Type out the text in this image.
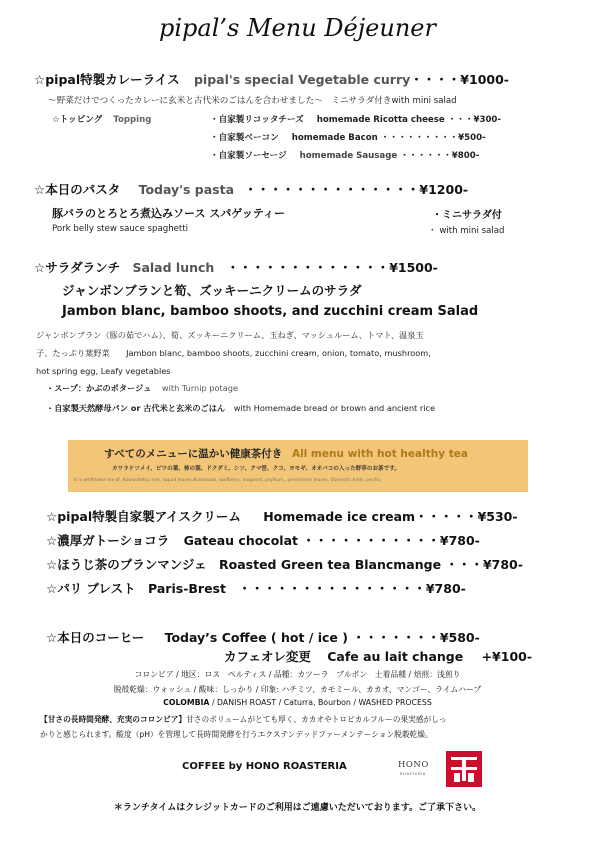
pipal’s Menu Déjeuner
☆pipal特製カレーライス pipal's special Vegetable curry・・・・¥1000-
〜野菜だけでつくったカレーに玄米と古代米のごはんを合わせました〜　ミニサラダ付きwith mini salad
☆トッピング Topping	・自家製リコッタチーズ homemade Ricotta cheese ・・・¥300-
・自家製ベーコン homemade Bacon ・・・・・・・・・¥500-
・自家製ソーセージ homemade Sausage ・・・・・・¥800-
☆本日のパスタ Today's pasta ・・・・・・・・・・・・・・¥1200-
豚バラのとろとろ煮込みソース スパゲッティー	・ミニサラダ付
Pork belly stew sauce spaghetti	・ with mini salad
☆サラダランチ Salad lunch ・・・・・・・・・・・・・¥1500-
ジャンボンブランと筍、ズッキーニクリームのサラダ
Jambon blanc, bamboo shoots, and zucchini cream Salad
ジャンボンブラン（豚の茹でハム）、筍、ズッキーニクリーム、玉ねぎ、マッシュルーム、トマト、温泉玉
子、たっぷり葉野菜　　Jambon blanc, bamboo shoots, zucchini cream, onion, tomato, mushroom,
hot spring egg, Leafy vegetables
・スープ：かぶのポタージュ with Turnip potage
・自家製天然酵母パン or 古代米と玄米のごはん with Homemade bread or brown and ancient rice
すべてのメニューに温かい健康茶付き All menu with hot healthy tea
カワラケツメイ、ビワの葉、柿の葉、ドクダミ、シソ、クマ笹、クコ、ヨモギ、オオバコの入った野草のお茶です。
It is wildflower tea of ,Kawaratetsu mei, loquat leaves,Kumasada, wolfberry, mugwort, psyllium,, persimmon leaves, Domestic birds, perilla,
☆pipal特製自家製アイスクリーム Homemade ice cream・・・・・¥530-
☆濃厚ガトーショコラ Gateau chocolat ・・・・・・・・・・・¥780-
☆ほうじ茶のブランマンジェ Roasted Green tea Blancmange ・・・¥780-
☆パリ ブレスト Paris-Brest ・・・・・・・・・・・・・・・¥780-
☆本日のコーヒー Today’s Coffee ( hot / ice ) ・・・・・・・¥580-
カフェオレ変更 Cafe au lait change +¥100-
コロンビア / 地区：ロス　ペルティス / 品種：カツーラ　ブルボン　土着品種 / 焙煎：浅煎り
脱殻乾燥：ウォッシュ / 酸味：しっかり / 印象: ハチミツ、カモミール、カカオ、マンゴー、ライムハーブ
COLOMBIA / DANISH ROAST / Caturra, Bourbon / WASHED PROCESS
【甘さの長時間発酵、充実のコロンビア】甘さのボリュームがとても厚く、カカオやトロピカルフルーの果実感がしっ
かりと感じられます。酸度（pH）を管理して長時間発酵を行うエクステンデッドファーメンテーション脱穀乾燥。
COFFEE by HONO ROASTERIA	HONO
ROASTERIA
＊ランチタイムはクレジットカードのご利用はご遠慮いただいております。ご了承下さい。
